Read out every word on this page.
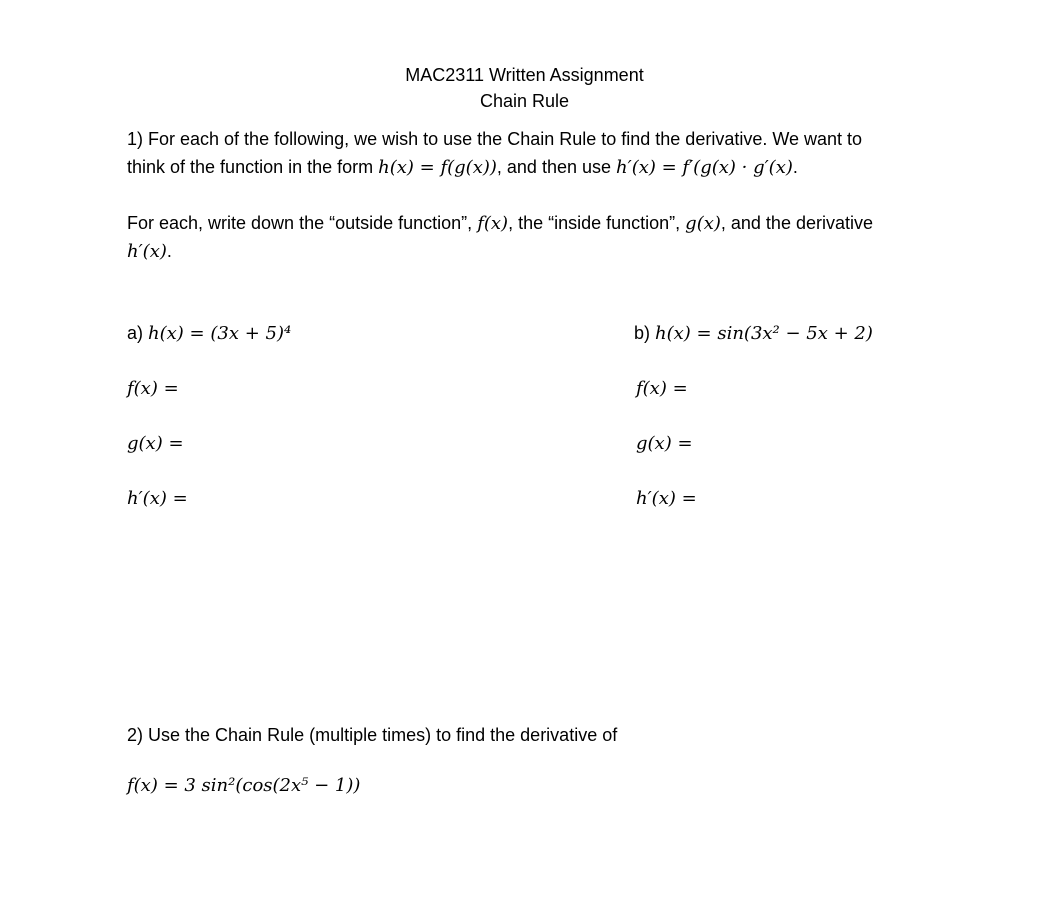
MAC2311 Written Assignment
Chain Rule
1) For each of the following, we wish to use the Chain Rule to find the derivative. We want to
think of the function in the form h(x) = f(g(x)), and then use h′(x) = f′(g(x) · g′(x).
For each, write down the “outside function”, f(x), the “inside function”, g(x), and the derivative
h′(x).
a) h(x) = (3x + 5)⁴
f(x) =
g(x) =
h′(x) =
b) h(x) = sin(3x² − 5x + 2)
f(x) =
g(x) =
h′(x) =
2) Use the Chain Rule (multiple times) to find the derivative of
f(x) = 3 sin²(cos(2x⁵ − 1))
